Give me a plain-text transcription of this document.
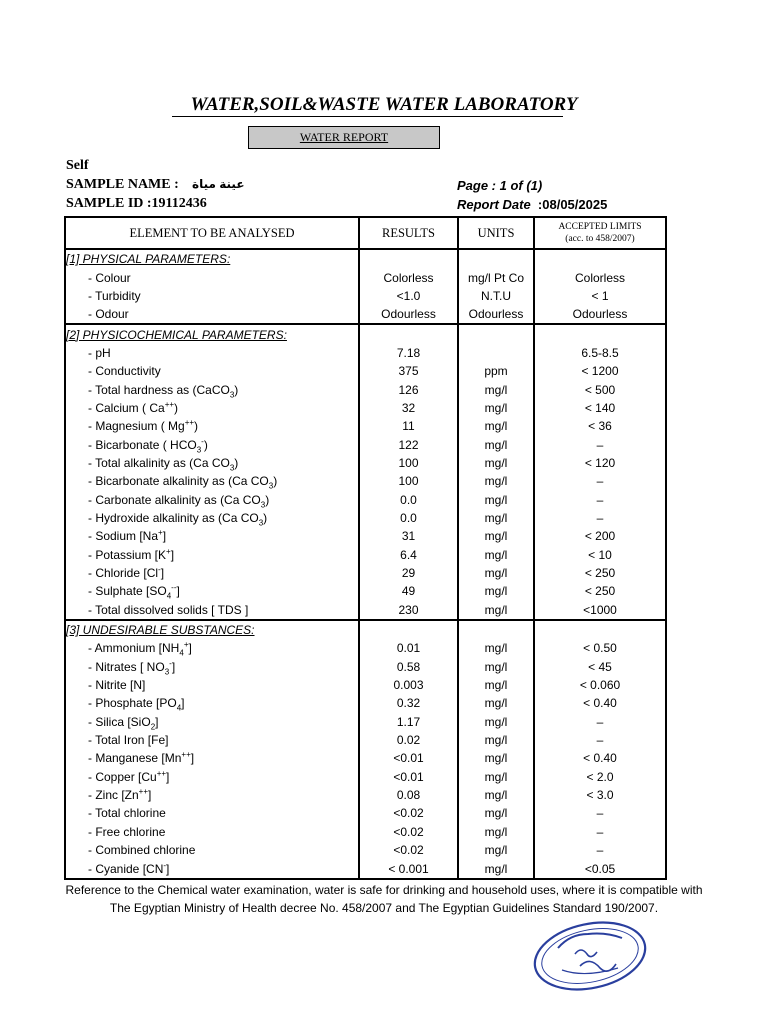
WATER,SOIL&WASTE WATER LABORATORY
WATER REPORT
Self
SAMPLE NAME : عينة مياة
SAMPLE ID :19112436
Page : 1 of (1)
Report Date :08/05/2025
ELEMENT TO BE ANALYSED	RESULTS	UNITS	ACCEPTED LIMITS
(acc. to 458/2007)

[1] PHYSICAL PARAMETERS:			
- Colour	Colorless	mg/l Pt Co	Colorless
- Turbidity	<1.0	N.T.U	< 1
- Odour	Odourless	Odourless	Odourless
[2] PHYSICOCHEMICAL PARAMETERS:			
- pH	7.18		6.5-8.5
- Conductivity	375	ppm	< 1200
- Total hardness as (CaCO$_3$)	126	mg/l	< 500
- Calcium ( Ca++)	32	mg/l	< 140
- Magnesium ( Mg++)	11	mg/l	< 36
- Bicarbonate ( $HCO_3^-$)	122	mg/l	–
- Total alkalinity as (Ca $CO_3$)	100	mg/l	< 120
- Bicarbonate alkalinity as (Ca $CO_3$)	100	mg/l	–
- Carbonate alkalinity as (Ca $CO_3$)	0.0	mg/l	–
- Hydroxide alkalinity as (Ca $CO_3$)	0.0	mg/l	–
- Sodium [Na+]	31	mg/l	< 200
- Potassium [K+]	6.4	mg/l	< 10
- Chloride [Cl-]	29	mg/l	< 250
- Sulphate $[SO_4^{--}]$	49	mg/l	< 250
- Total dissolved solids [ TDS ]	230	mg/l	<1000
[3] UNDESIRABLE SUBSTANCES:			
- Ammonium $[NH_4^+]$	0.01	mg/l	< 0.50
- Nitrates [ $NO_3^-$]	0.58	mg/l	< 45
- Nitrite [N]	0.003	mg/l	< 0.060
- Phosphate $[PO_4]$	0.32	mg/l	< 0.40
- Silica [SiO$_2$]	1.17	mg/l	–
- Total Iron [Fe]	0.02	mg/l	–
- Manganese [Mn++]	<0.01	mg/l	< 0.40
- Copper [Cu++]	<0.01	mg/l	< 2.0
- Zinc [Zn++]	0.08	mg/l	< 3.0
- Total chlorine	<0.02	mg/l	–
- Free chlorine	<0.02	mg/l	–
- Combined chlorine	<0.02	mg/l	–
- Cyanide [CN-]	< 0.001	mg/l	<0.05
Reference to the Chemical water examination, water is safe for drinking and household uses, where it is compatible with The Egyptian Ministry of Health decree No. 458/2007 and The Egyptian Guidelines Standard 190/2007.
